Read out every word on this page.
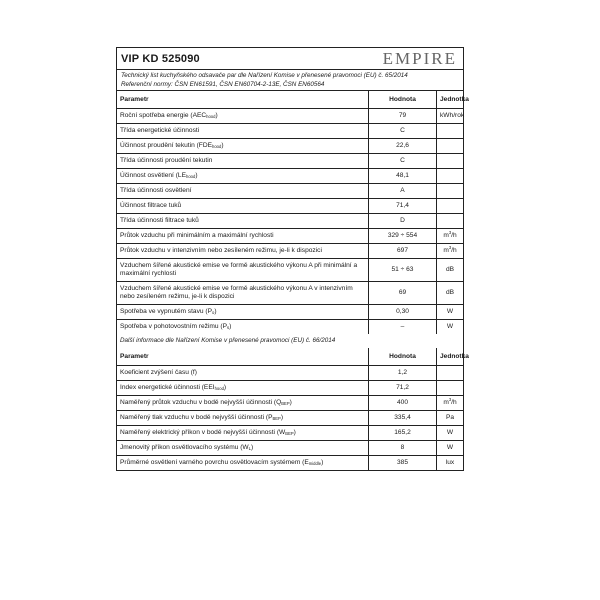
VIP KD 525090	EMPIRE
Technický list kuchyňského odsavače par dle Nařízení Komise v přenesené pravomoci (EU) č. 65/2014
Referenční normy: ČSN EN61591, ČSN EN60704-2-13E, ČSN EN60564
Parametr	Hodnota	Jednotka
Roční spotřeba energie $(AEC_{hood})$	79	kWh/rok
Třída energetické účinnosti	C	
Účinnost proudění tekutin $(FDE_{hood})$	22,6	
Třída účinnosti proudění tekutin	C	
Účinnost osvětlení $(LE_{hood})$	48,1	
Třída účinnosti osvětlení	A	
Účinnost filtrace tuků	71,4	
Třída účinnosti filtrace tuků	D	
Průtok vzduchu při minimálním a maximální rychlosti	329 ÷ 554	$m^3/h$
Průtok vzduchu v intenzivním nebo zesíleném režimu, je-li k dispozici	697	$m^3/h$
Vzduchem šířené akustické emise ve formě akustického výkonu A při minimální a maximální rychlosti	51 ÷ 63	dB
Vzduchem šířené akustické emise ve formě akustického výkonu A v intenzivním nebo zesíleném režimu, je-li k dispozici	69	dB
Spotřeba ve vypnutém stavu $(P_o)$	0,30	W
Spotřeba v pohotovostním režimu $(P_s)$	–	W
Další informace dle Nařízení Komise v přenesené pravomoci (EU) č. 66/2014		
Parametr	Hodnota	Jednotka
Koeficient zvýšení času (f)	1,2	
Index energetické účinnosti $(EEI_{hood})$	71,2	
Naměřený průtok vzduchu v bodě nejvyšší účinnosti $(Q_{BEP})$	400	$m^3/h$
Naměřený tlak vzduchu v bodě nejvyšší účinnosti $(P_{BEP})$	335,4	Pa
Naměřený elektrický příkon v bodě nejvyšší účinnosti $(W_{BEP})$	165,2	W
Jmenovitý příkon osvětlovacího systému $(W_L)$	8	W
Průměrné osvětlení varného povrchu osvětlovacím systémem $(E_{middle})$	385	lux
